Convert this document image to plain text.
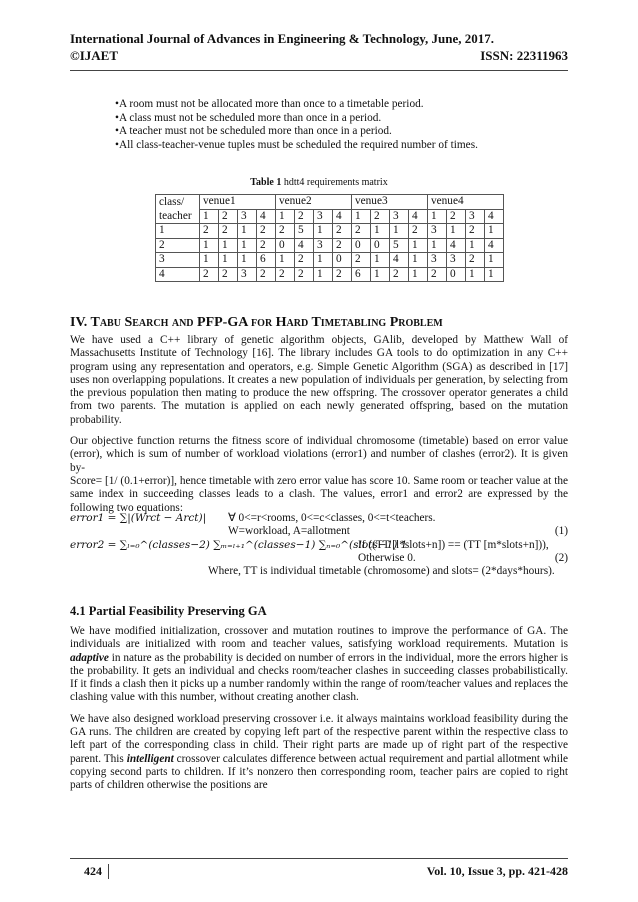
International Journal of Advances in Engineering & Technology, June, 2017.
©IJAET	ISSN: 22311963
•A room must not be allocated more than once to a timetable period.
•A class must not be scheduled more than once in a period.
•A teacher must not be scheduled more than once in a period.
•All class-teacher-venue tuples must be scheduled the required number of times.
Table 1 hdtt4 requirements matrix
class/	venue1				venue2				venue3				venue4			
teacher	1	2	3	4	1	2	3	4	1	2	3	4	1	2	3	4
1	2	2	1	2	2	5	1	2	2	1	1	2	3	1	2	1
2	1	1	1	2	0	4	3	2	0	0	5	1	1	4	1	4
3	1	1	1	6	1	2	1	0	2	1	4	1	3	3	2	1
4	2	2	3	2	2	2	1	2	6	1	2	1	2	0	1	1
IV. Tabu Search and PFP-GA for Hard Timetabling Problem

We have used a C++ library of genetic algorithm objects, GAlib, developed by Matthew Wall of Massachusetts Institute of Technology [16]. The library includes GA tools to do optimization in any C++ program using any representation and operators, e.g. Simple Genetic Algorithm (SGA) as described in [17] uses non overlapping populations. It creates a new population of individuals per generation, by selecting from the previous population then mating to produce the new offspring. The crossover operator generates a child from two parents. The mutation is applied on each newly generated offspring, based on the mutation probability.

Our objective function returns the fitness score of individual chromosome (timetable) based on error value (error), which is sum of number of workload violations (error1) and number of clashes (error2). It is given by-

Score= [1/ (0.1+error)], hence timetable with zero error value has score 10. Same room or teacher value at the same index in succeeding classes leads to a clash. The values, error1 and error2 are expressed by the following two equations:

error1 = ∑|(Wrct − Arct)| ∀ 0<=r<rooms, 0<=c<classes, 0<=t<teachers.
W=workload, A=allotment	(1)
error2 = ∑ₗ₌₀^(classes−2) ∑ₘ₌ₗ₊₁^(classes−1) ∑ₙ₌₀^(slots−1) 1
If ((TT [l*slots+n]) == (TT [m*slots+n])),
Otherwise 0.	(2)
Where, TT is individual timetable (chromosome) and slots= (2*days*hours).
4.1 Partial Feasibility Preserving GA

We have modified initialization, crossover and mutation routines to improve the performance of GA. The individuals are initialized with room and teacher values, satisfying workload requirements. Mutation is adaptive in nature as the probability is decided on number of errors in the individual, more the errors higher is the probability. It gets an individual and checks room/teacher clashes in succeeding classes probabilistically. If it finds a clash then it picks up a number randomly within the range of room/teacher values and replaces the clashing value with this number, without creating another clash.

We have also designed workload preserving crossover i.e. it always maintains workload feasibility during the GA runs. The children are created by copying left part of the respective parent within the respective class to left part of the corresponding class in child. Their right parts are made up of right part of the respective parent. This intelligent crossover calculates difference between actual requirement and partial allotment while copying second parts to children. If it’s nonzero then corresponding room, teacher pairs are copied to right parts of children otherwise the positions are

424	Vol. 10, Issue 3, pp. 421-428
